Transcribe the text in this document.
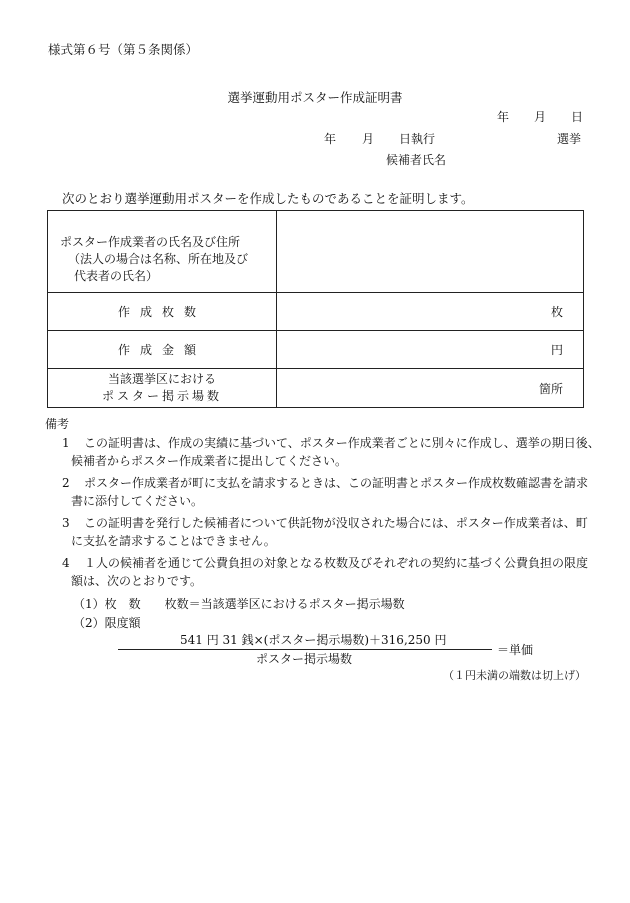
様式第６号（第５条関係）
選挙運動用ポスター作成証明書
年 月 日
年 月 日執行	選挙
候補者氏名
次のとおり選挙運動用ポスターを作成したものであることを証明します。
ポスター作成業者の氏名及び住所
（法人の場合は名称、所在地及び
代表者の氏名）	

作成枚数	枚
作成金額	円

当該選挙区における
ポスター掲示場数	箇所
備考
1 この証明書は、作成の実績に基づいて、ポスター作成業者ごとに別々に作成し、選挙の期日後、
候補者からポスター作成業者に提出してください。
2 ポスター作成業者が町に支払を請求するときは、この証明書とポスター作成枚数確認書を請求
書に添付してください。
3 この証明書を発行した候補者について供託物が没収された場合には、ポスター作成業者は、町
に支払を請求することはできません。
4 １人の候補者を通じて公費負担の対象となる枚数及びそれぞれの契約に基づく公費負担の限度
額は、次のとおりです。
（1）枚　数　　枚数＝当該選挙区におけるポスター掲示場数
（2）限度額
541 円 31 銭×(ポスター掲示場数)＋316,250 円
ポスター掲示場数
＝単価
（１円未満の端数は切上げ）
